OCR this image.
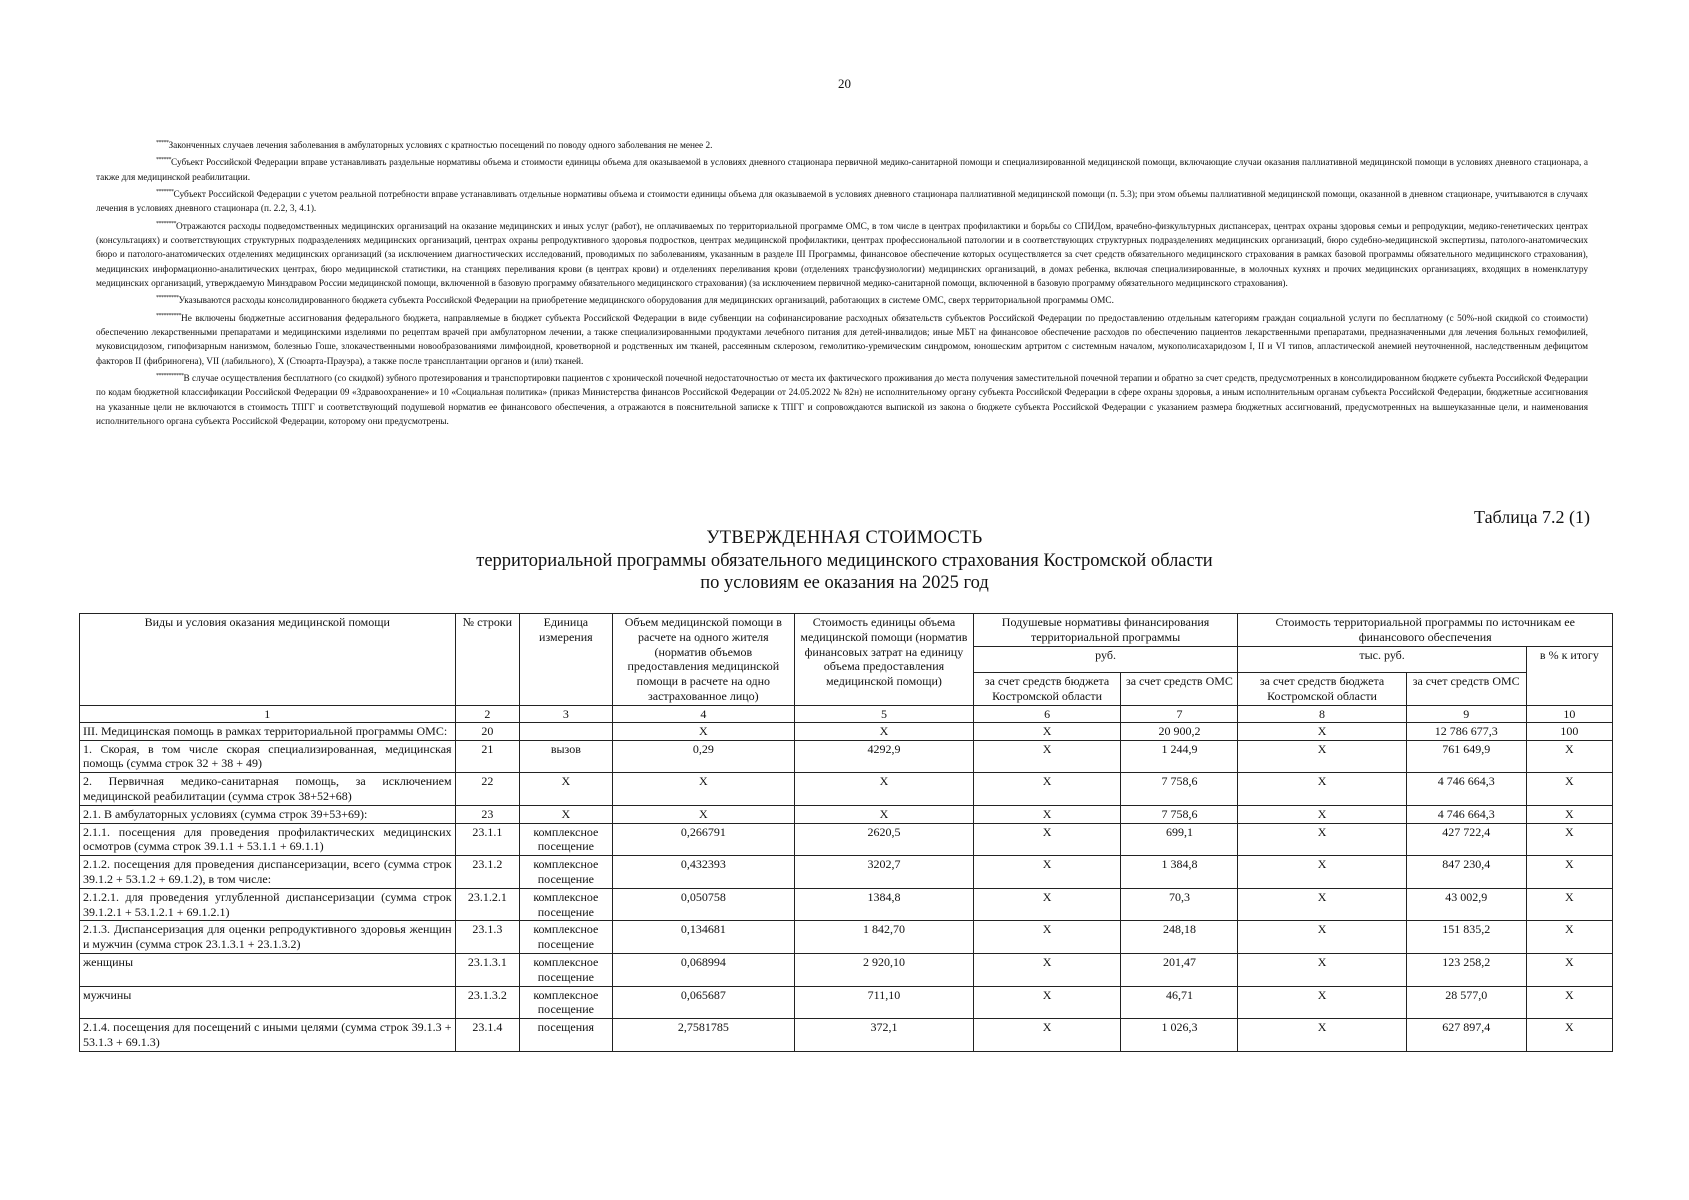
20

*****Законченных случаев лечения заболевания в амбулаторных условиях с кратностью посещений по поводу одного заболевания не менее 2.

******Субъект Российской Федерации вправе устанавливать раздельные нормативы объема и стоимости единицы объема для оказываемой в условиях дневного стационара первичной медико-санитарной помощи и специализированной медицинской помощи, включающие случаи оказания паллиативной медицинской помощи в условиях дневного стационара, а также для медицинской реабилитации.

*******Субъект Российской Федерации с учетом реальной потребности вправе устанавливать отдельные нормативы объема и стоимости единицы объема для оказываемой в условиях дневного стационара паллиативной медицинской помощи (п. 5.3); при этом объемы паллиативной медицинской помощи, оказанной в дневном стационаре, учитываются в случаях лечения в условиях дневного стационара (п. 2.2, 3, 4.1).

********Отражаются расходы подведомственных медицинских организаций на оказание медицинских и иных услуг (работ), не оплачиваемых по территориальной программе ОМС, в том числе в центрах профилактики и борьбы со СПИДом, врачебно-физкультурных диспансерах, центрах охраны здоровья семьи и репродукции, медико-генетических центрах (консультациях) и соответствующих структурных подразделениях медицинских организаций, центрах охраны репродуктивного здоровья подростков, центрах медицинской профилактики, центрах профессиональной патологии и в соответствующих структурных подразделениях медицинских организаций, бюро судебно-медицинской экспертизы, патолого-анатомических бюро и патолого-анатомических отделениях медицинских организаций (за исключением диагностических исследований, проводимых по заболеваниям, указанным в разделе III Программы, финансовое обеспечение которых осуществляется за счет средств обязательного медицинского страхования в рамках базовой программы обязательного медицинского страхования), медицинских информационно-аналитических центрах, бюро медицинской статистики, на станциях переливания крови (в центрах крови) и отделениях переливания крови (отделениях трансфузиологии) медицинских организаций, в домах ребенка, включая специализированные, в молочных кухнях и прочих медицинских организациях, входящих в номенклатуру медицинских организаций, утверждаемую Минздравом России медицинской помощи, включенной в базовую программу обязательного медицинского страхования) (за исключением первичной медико-санитарной помощи, включенной в базовую программу обязательного медицинского страхования).

*********Указываются расходы консолидированного бюджета субъекта Российской Федерации на приобретение медицинского оборудования для медицинских организаций, работающих в системе ОМС, сверх территориальной программы ОМС.

**********Не включены бюджетные ассигнования федерального бюджета, направляемые в бюджет субъекта Российской Федерации в виде субвенции на софинансирование расходных обязательств субъектов Российской Федерации по предоставлению отдельным категориям граждан социальной услуги по бесплатному (с 50%-ной скидкой со стоимости) обеспечению лекарственными препаратами и медицинскими изделиями по рецептам врачей при амбулаторном лечении, а также специализированными продуктами лечебного питания для детей-инвалидов; иные МБТ на финансовое обеспечение расходов по обеспечению пациентов лекарственными препаратами, предназначенными для лечения больных гемофилией, муковисцидозом, гипофизарным нанизмом, болезнью Гоше, злокачественными новообразованиями лимфоидной, кроветворной и родственных им тканей, рассеянным склерозом, гемолитико-уремическим синдромом, юношеским артритом с системным началом, мукополисахаридозом I, II и VI типов, апластической анемией неуточненной, наследственным дефицитом факторов II (фибриногена), VII (лабильного), X (Стюарта-Прауэра), а также после трансплантации органов и (или) тканей.

***********В случае осуществления бесплатного (со скидкой) зубного протезирования и транспортировки пациентов с хронической почечной недостаточностью от места их фактического проживания до места получения заместительной почечной терапии и обратно за счет средств, предусмотренных в консолидированном бюджете субъекта Российской Федерации по кодам бюджетной классификации Российской Федерации 09 «Здравоохранение» и 10 «Социальная политика» (приказ Министерства финансов Российской Федерации от 24.05.2022 № 82н) не исполнительному органу субъекта Российской Федерации в сфере охраны здоровья, а иным исполнительным органам субъекта Российской Федерации, бюджетные ассигнования на указанные цели не включаются в стоимость ТПГГ и соответствующий подушевой норматив ее финансового обеспечения, а отражаются в пояснительной записке к ТПГГ и сопровождаются выпиской из закона о бюджете субъекта Российской Федерации с указанием размера бюджетных ассигнований, предусмотренных на вышеуказанные цели, и наименования исполнительного органа субъекта Российской Федерации, которому они предусмотрены.

Таблица 7.2 (1)
УТВЕРЖДЕННАЯ СТОИМОСТЬ
территориальной программы обязательного медицинского страхования Костромской области
по условиям ее оказания на 2025 год
Виды и условия оказания медицинской помощи	№ строки	Единица измерения	Объем медицинской помощи в расчете на одного жителя (норматив объемов предоставления медицинской помощи в расчете на одно застрахованное лицо)	Стоимость единицы объема медицинской помощи (норматив финансовых затрат на единицу объема предоставления медицинской помощи)	Подушевые нормативы финансирования территориальной программы		Стоимость территориальной программы по источникам ее финансового обеспечения		
					руб.		тыс. руб.		в % к итогу
					за счет средств бюджета Костромской области	за счет средств ОМС	за счет средств бюджета Костромской области	за счет средств ОМС	
1	2	3	4	5	6	7	8	9	10
III. Медицинская помощь в рамках территориальной программы ОМС:	20		Х	Х	Х	20 900,2	Х	12 786 677,3	100
1. Скорая, в том числе скорая специализированная, медицинская помощь (сумма строк 32 + 38 + 49)	21	вызов	0,29	4292,9	Х	1 244,9	Х	761 649,9	Х
2. Первичная медико-санитарная помощь, за исключением медицинской реабилитации (сумма строк 38+52+68)	22	Х	Х	Х	Х	7 758,6	Х	4 746 664,3	Х
2.1. В амбулаторных условиях (сумма строк 39+53+69):	23	Х	Х	Х	Х	7 758,6	Х	4 746 664,3	Х
2.1.1. посещения для проведения профилактических медицинских осмотров (сумма строк 39.1.1 + 53.1.1 + 69.1.1)	23.1.1	комплексное посещение	0,266791	2620,5	Х	699,1	Х	427 722,4	Х
2.1.2. посещения для проведения диспансеризации, всего (сумма строк 39.1.2 + 53.1.2 + 69.1.2), в том числе:	23.1.2	комплексное посещение	0,432393	3202,7	Х	1 384,8	Х	847 230,4	Х
2.1.2.1. для проведения углубленной диспансеризации (сумма строк 39.1.2.1 + 53.1.2.1 + 69.1.2.1)	23.1.2.1	комплексное посещение	0,050758	1384,8	Х	70,3	Х	43 002,9	Х
2.1.3. Диспансеризация для оценки репродуктивного здоровья женщин и мужчин (сумма строк 23.1.3.1 + 23.1.3.2)	23.1.3	комплексное посещение	0,134681	1 842,70	Х	248,18	Х	151 835,2	Х
женщины	23.1.3.1	комплексное посещение	0,068994	2 920,10	Х	201,47	Х	123 258,2	Х
мужчины	23.1.3.2	комплексное посещение	0,065687	711,10	Х	46,71	Х	28 577,0	Х
2.1.4. посещения для посещений с иными целями (сумма строк 39.1.3 + 53.1.3 + 69.1.3)	23.1.4	посещения	2,7581785	372,1	Х	1 026,3	Х	627 897,4	Х
